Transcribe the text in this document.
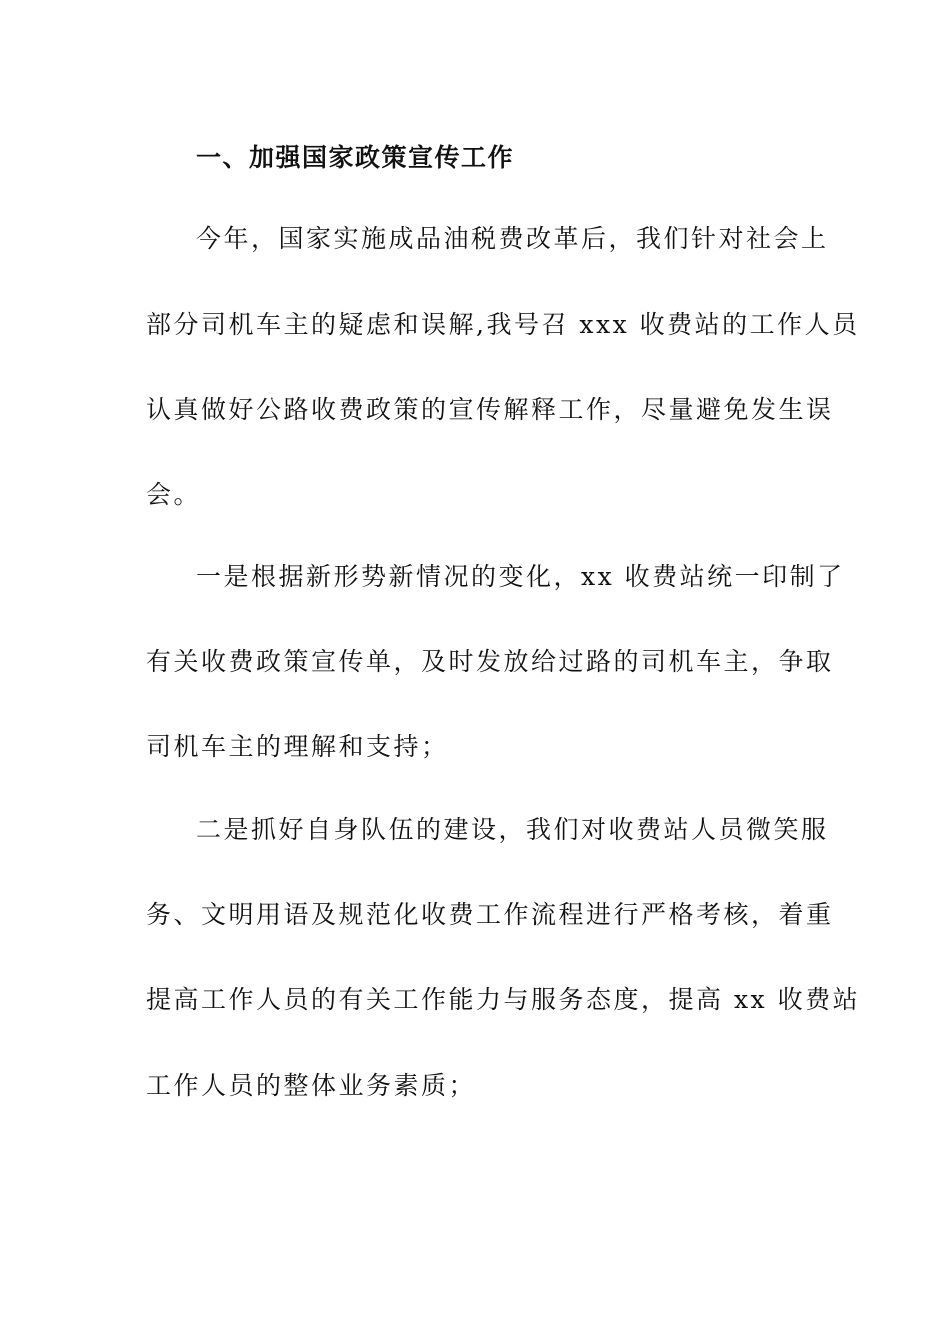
一、加强国家政策宣传工作
今年，国家实施成品油税费改革后，我们针对社会上
部分司机车主的疑虑和误解,我号召 xxx 收费站的工作人员
认真做好公路收费政策的宣传解释工作，尽量避免发生误
会。
一是根据新形势新情况的变化，xx 收费站统一印制了
有关收费政策宣传单，及时发放给过路的司机车主，争取
司机车主的理解和支持；
二是抓好自身队伍的建设，我们对收费站人员微笑服
务、文明用语及规范化收费工作流程进行严格考核，着重
提高工作人员的有关工作能力与服务态度，提高 xx 收费站
工作人员的整体业务素质；
